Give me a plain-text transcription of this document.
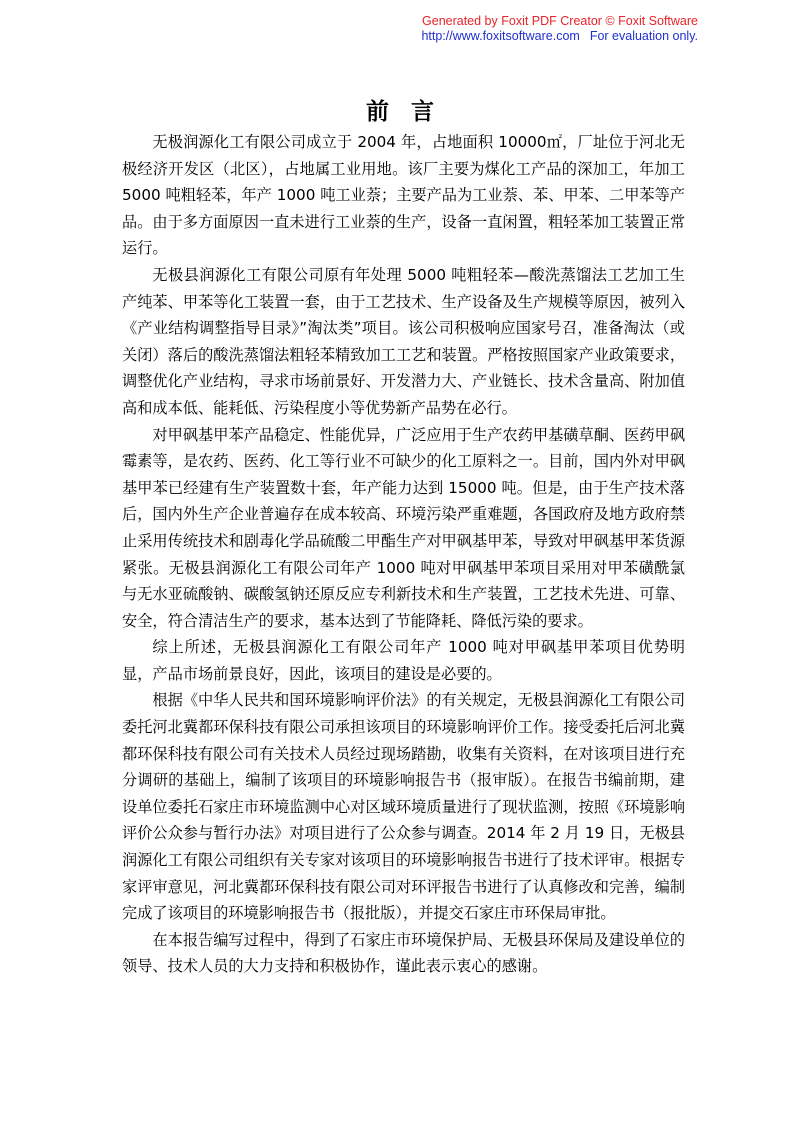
Generated by Foxit PDF Creator © Foxit Software
http://www.foxitsoftware.com For evaluation only.
前言

无极润源化工有限公司成立于 2004 年，占地面积 10000㎡，厂址位于河北无极经济开发区（北区），占地属工业用地。该厂主要为煤化工产品的深加工，年加工 5000 吨粗轻苯，年产 1000 吨工业萘；主要产品为工业萘、苯、甲苯、二甲苯等产品。由于多方面原因一直未进行工业萘的生产，设备一直闲置，粗轻苯加工装置正常运行。

无极县润源化工有限公司原有年处理 5000 吨粗轻苯—酸洗蒸馏法工艺加工生产纯苯、甲苯等化工装置一套，由于工艺技术、生产设备及生产规模等原因，被列入《产业结构调整指导目录》”淘汰类”项目。该公司积极响应国家号召，准备淘汰（或关闭）落后的酸洗蒸馏法粗轻苯精致加工工艺和装置。严格按照国家产业政策要求，调整优化产业结构，寻求市场前景好、开发潜力大、产业链长、技术含量高、附加值高和成本低、能耗低、污染程度小等优势新产品势在必行。

对甲砜基甲苯产品稳定、性能优异，广泛应用于生产农药甲基磺草酮、医药甲砜霉素等，是农药、医药、化工等行业不可缺少的化工原料之一。目前，国内外对甲砜基甲苯已经建有生产装置数十套，年产能力达到 15000 吨。但是，由于生产技术落后，国内外生产企业普遍存在成本较高、环境污染严重难题，各国政府及地方政府禁止采用传统技术和剧毒化学品硫酸二甲酯生产对甲砜基甲苯，导致对甲砜基甲苯货源紧张。无极县润源化工有限公司年产 1000 吨对甲砜基甲苯项目采用对甲苯磺酰氯与无水亚硫酸钠、碳酸氢钠还原反应专利新技术和生产装置，工艺技术先进、可靠、安全，符合清洁生产的要求，基本达到了节能降耗、降低污染的要求。

综上所述，无极县润源化工有限公司年产 1000 吨对甲砜基甲苯项目优势明显，产品市场前景良好，因此，该项目的建设是必要的。

根据《中华人民共和国环境影响评价法》的有关规定，无极县润源化工有限公司委托河北冀都环保科技有限公司承担该项目的环境影响评价工作。接受委托后河北冀都环保科技有限公司有关技术人员经过现场踏勘，收集有关资料，在对该项目进行充分调研的基础上，编制了该项目的环境影响报告书（报审版）。在报告书编前期，建设单位委托石家庄市环境监测中心对区域环境质量进行了现状监测，按照《环境影响评价公众参与暂行办法》对项目进行了公众参与调查。2014 年 2 月 19 日，无极县润源化工有限公司组织有关专家对该项目的环境影响报告书进行了技术评审。根据专家评审意见，河北冀都环保科技有限公司对环评报告书进行了认真修改和完善，编制完成了该项目的环境影响报告书（报批版），并提交石家庄市环保局审批。

在本报告编写过程中，得到了石家庄市环境保护局、无极县环保局及建设单位的领导、技术人员的大力支持和积极协作，谨此表示衷心的感谢。
